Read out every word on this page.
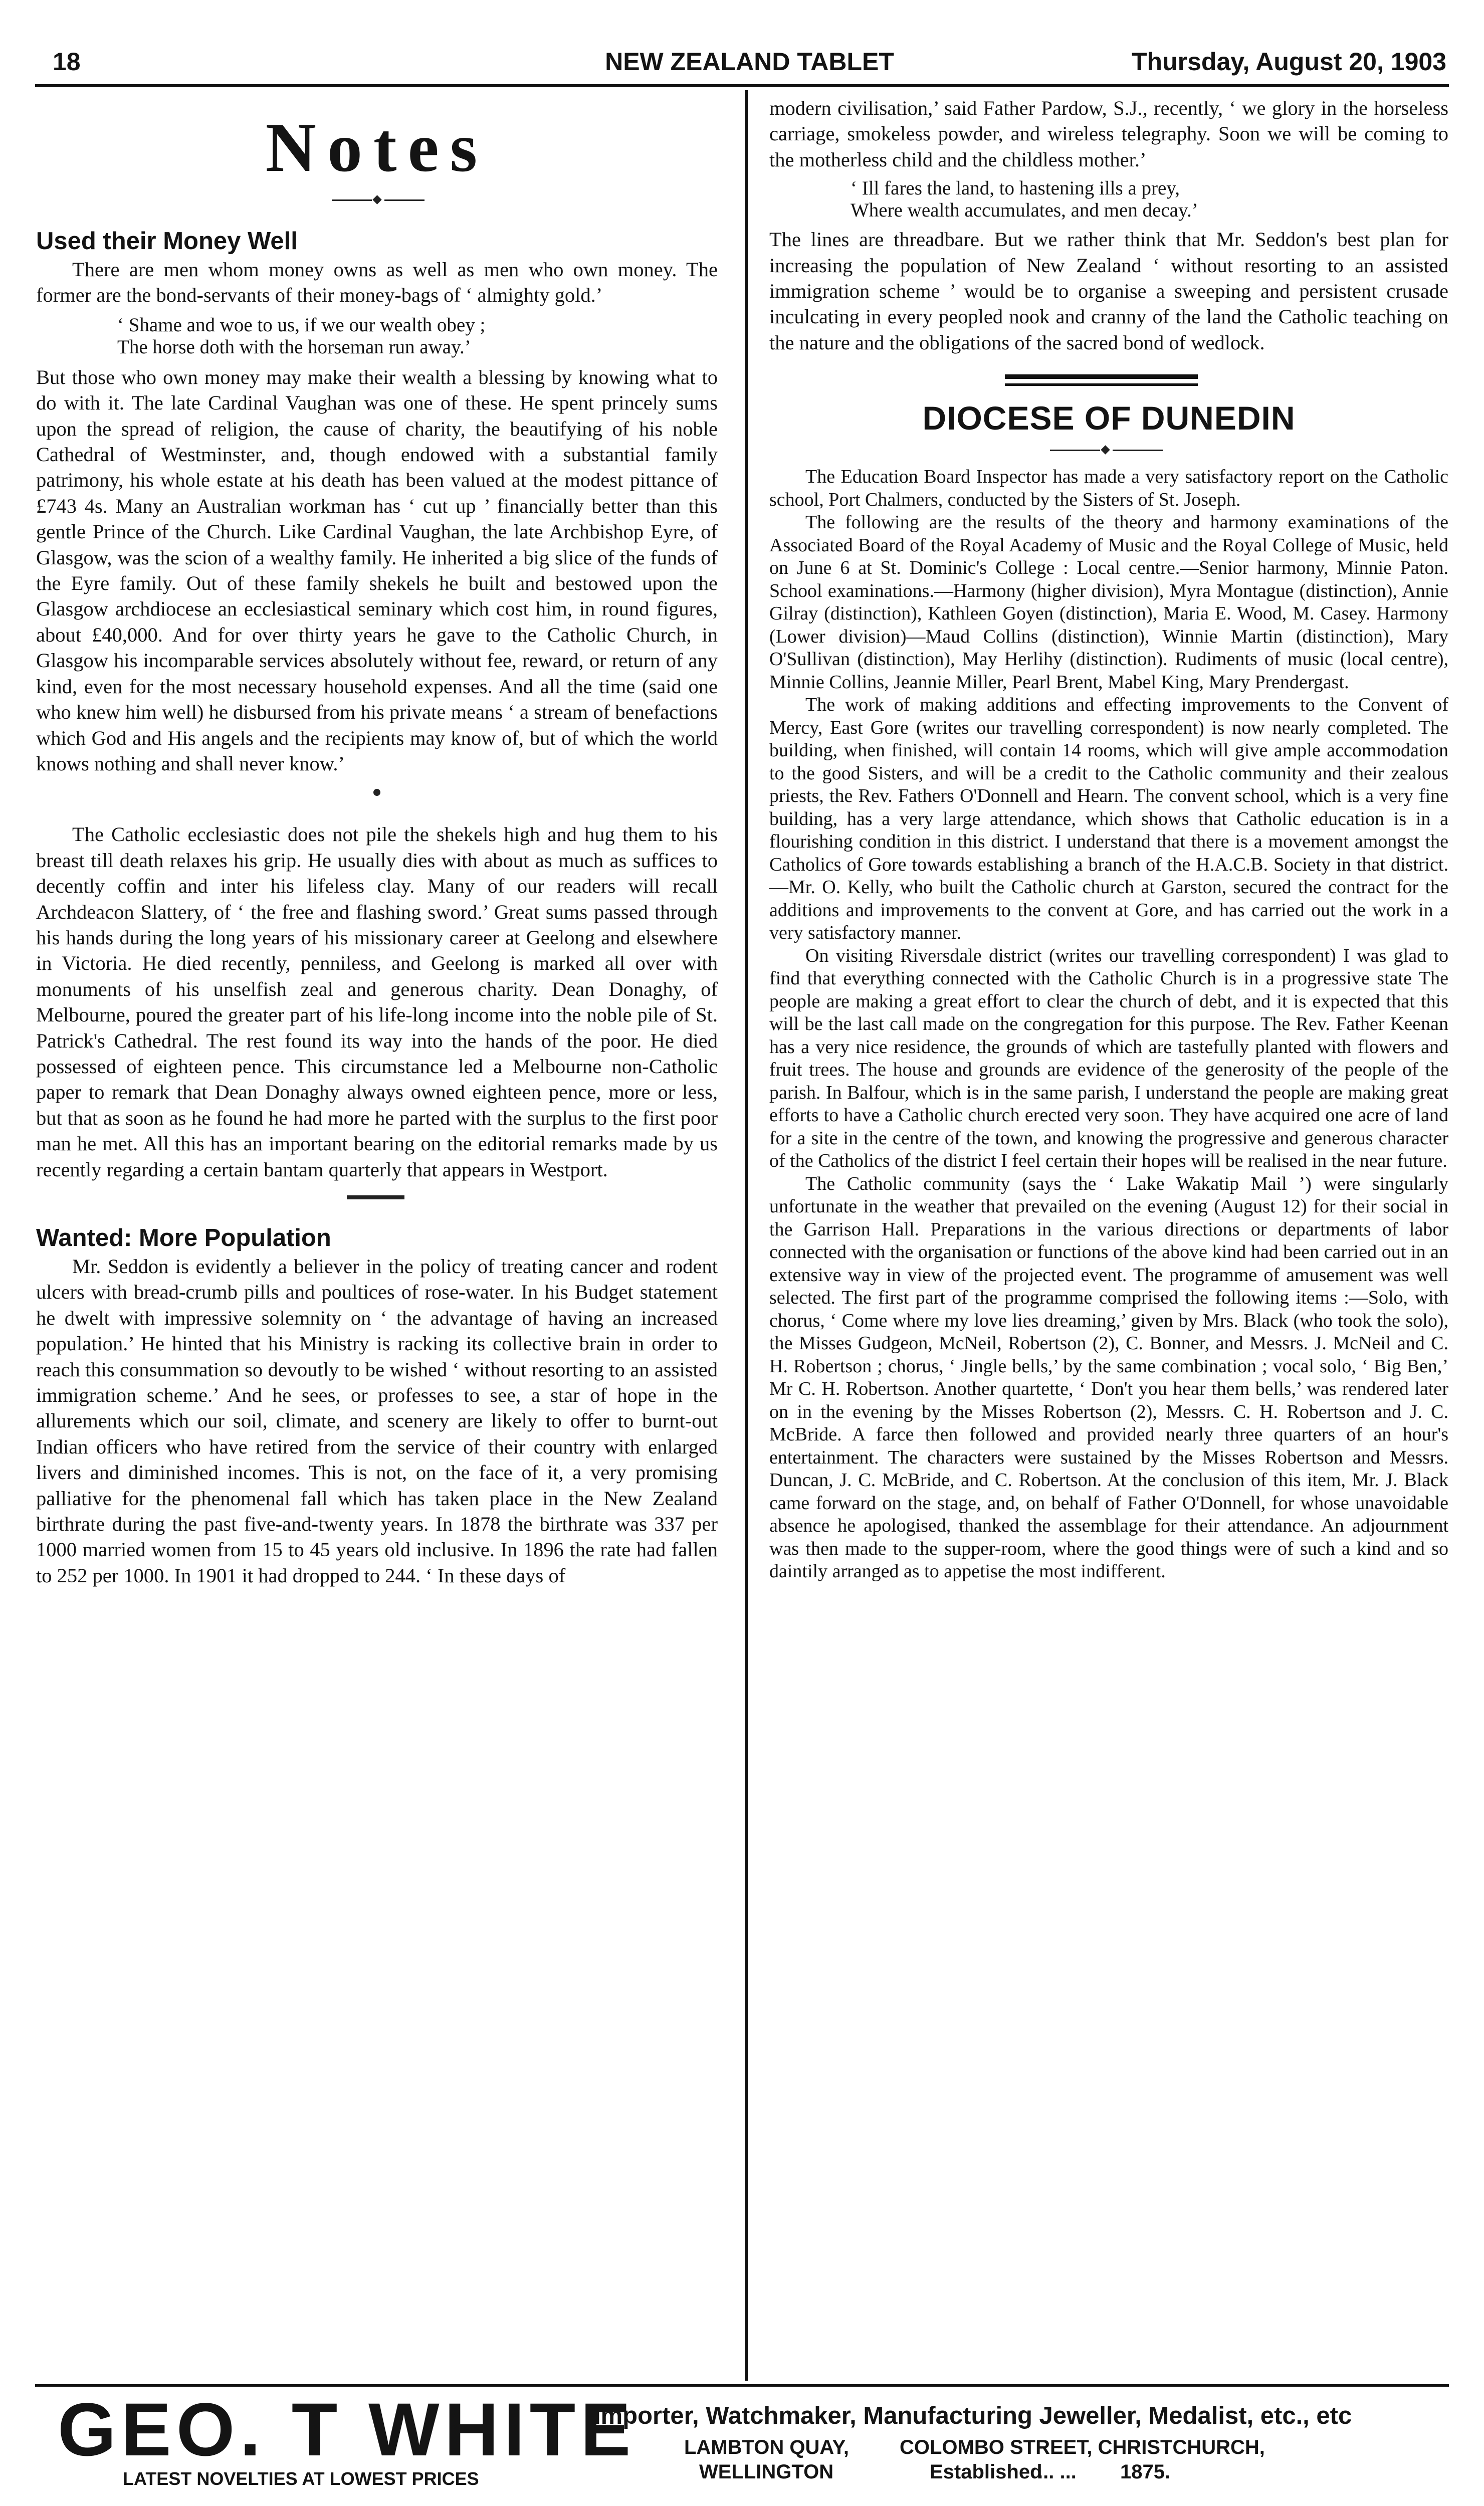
18	NEW ZEALAND TABLET	Thursday, August 20, 1903
Notes
Used their Money Well

There are men whom money owns as well as men who own money. The former are the bond-servants of their money-bags of ‘ almighty gold.’

‘ Shame and woe to us, if we our wealth obey ;

The horse doth with the horseman run away.’

But those who own money may make their wealth a blessing by knowing what to do with it. The late Cardinal Vaughan was one of these. He spent princely sums upon the spread of religion, the cause of charity, the beautifying of his noble Cathedral of Westminster, and, though endowed with a substantial family patrimony, his whole estate at his death has been valued at the modest pittance of £743 4s. Many an Australian workman has ‘ cut up ’ financially better than this gentle Prince of the Church. Like Cardinal Vaughan, the late Archbishop Eyre, of Glasgow, was the scion of a wealthy family. He inherited a big slice of the funds of the Eyre family. Out of these family shekels he built and bestowed upon the Glasgow archdiocese an ecclesiastical seminary which cost him, in round figures, about £40,000. And for over thirty years he gave to the Catholic Church, in Glasgow his incomparable services absolutely without fee, reward, or return of any kind, even for the most necessary household expenses. And all the time (said one who knew him well) he disbursed from his private means ‘ a stream of benefactions which God and His angels and the recipients may know of, but of which the world knows nothing and shall never know.’

The Catholic ecclesiastic does not pile the shekels high and hug them to his breast till death relaxes his grip. He usually dies with about as much as suffices to decently coffin and inter his lifeless clay. Many of our readers will recall Archdeacon Slattery, of ‘ the free and flashing sword.’ Great sums passed through his hands during the long years of his missionary career at Geelong and elsewhere in Victoria. He died recently, penniless, and Geelong is marked all over with monuments of his unselfish zeal and generous charity. Dean Donaghy, of Melbourne, poured the greater part of his life-long income into the noble pile of St. Patrick's Cathedral. The rest found its way into the hands of the poor. He died possessed of eighteen pence. This circumstance led a Melbourne non-Catholic paper to remark that Dean Donaghy always owned eighteen pence, more or less, but that as soon as he found he had more he parted with the surplus to the first poor man he met. All this has an important bearing on the editorial remarks made by us recently regarding a certain bantam quarterly that appears in Westport.

Wanted: More Population

Mr. Seddon is evidently a believer in the policy of treating cancer and rodent ulcers with bread-crumb pills and poultices of rose-water. In his Budget statement he dwelt with impressive solemnity on ‘ the advantage of having an increased population.’ He hinted that his Ministry is racking its collective brain in order to reach this consummation so devoutly to be wished ‘ without resorting to an assisted immigration scheme.’ And he sees, or professes to see, a star of hope in the allurements which our soil, climate, and scenery are likely to offer to burnt-out Indian officers who have retired from the service of their country with enlarged livers and diminished incomes. This is not, on the face of it, a very promising palliative for the phenomenal fall which has taken place in the New Zealand birthrate during the past five-and-twenty years. In 1878 the birthrate was 337 per 1000 married women from 15 to 45 years old inclusive. In 1896 the rate had fallen to 252 per 1000. In 1901 it had dropped to 244. ‘ In these days of

modern civilisation,’ said Father Pardow, S.J., recently, ‘ we glory in the horseless carriage, smokeless powder, and wireless telegraphy. Soon we will be coming to the motherless child and the childless mother.’

‘ Ill fares the land, to hastening ills a prey,

Where wealth accumulates, and men decay.’

The lines are threadbare. But we rather think that Mr. Seddon's best plan for increasing the population of New Zealand ‘ without resorting to an assisted immigration scheme ’ would be to organise a sweeping and persistent crusade inculcating in every peopled nook and cranny of the land the Catholic teaching on the nature and the obligations of the sacred bond of wedlock.

DIOCESE OF DUNEDIN

The Education Board Inspector has made a very satisfactory report on the Catholic school, Port Chalmers, conducted by the Sisters of St. Joseph.

The following are the results of the theory and harmony examinations of the Associated Board of the Royal Academy of Music and the Royal College of Music, held on June 6 at St. Dominic's College : Local centre.—Senior harmony, Minnie Paton. School examinations.—Harmony (higher division), Myra Montague (distinction), Annie Gilray (distinction), Kathleen Goyen (distinction), Maria E. Wood, M. Casey. Harmony (Lower division)—Maud Collins (distinction), Winnie Martin (distinction), Mary O'Sullivan (distinction), May Herlihy (distinction). Rudiments of music (local centre), Minnie Collins, Jeannie Miller, Pearl Brent, Mabel King, Mary Prendergast.

The work of making additions and effecting improvements to the Convent of Mercy, East Gore (writes our travelling correspondent) is now nearly completed. The building, when finished, will contain 14 rooms, which will give ample accommodation to the good Sisters, and will be a credit to the Catholic community and their zealous priests, the Rev. Fathers O'Donnell and Hearn. The convent school, which is a very fine building, has a very large attendance, which shows that Catholic education is in a flourishing condition in this district. I understand that there is a movement amongst the Catholics of Gore towards establishing a branch of the H.A.C.B. Society in that district.—Mr. O. Kelly, who built the Catholic church at Garston, secured the contract for the additions and improvements to the convent at Gore, and has carried out the work in a very satisfactory manner.

On visiting Riversdale district (writes our travelling correspondent) I was glad to find that everything connected with the Catholic Church is in a progressive state The people are making a great effort to clear the church of debt, and it is expected that this will be the last call made on the congregation for this purpose. The Rev. Father Keenan has a very nice residence, the grounds of which are tastefully planted with flowers and fruit trees. The house and grounds are evidence of the generosity of the people of the parish. In Balfour, which is in the same parish, I understand the people are making great efforts to have a Catholic church erected very soon. They have acquired one acre of land for a site in the centre of the town, and knowing the progressive and generous character of the Catholics of the district I feel certain their hopes will be realised in the near future.

The Catholic community (says the ‘ Lake Wakatip Mail ’) were singularly unfortunate in the weather that prevailed on the evening (August 12) for their social in the Garrison Hall. Preparations in the various directions or departments of labor connected with the organisation or functions of the above kind had been carried out in an extensive way in view of the projected event. The programme of amusement was well selected. The first part of the programme comprised the following items :—Solo, with chorus, ‘ Come where my love lies dreaming,’ given by Mrs. Black (who took the solo), the Misses Gudgeon, McNeil, Robertson (2), C. Bonner, and Messrs. J. McNeil and C. H. Robertson ; chorus, ‘ Jingle bells,’ by the same combination ; vocal solo, ‘ Big Ben,’ Mr C. H. Robertson. Another quartette, ‘ Don't you hear them bells,’ was rendered later on in the evening by the Misses Robertson (2), Messrs. C. H. Robertson and J. C. McBride. A farce then followed and provided nearly three quarters of an hour's entertainment. The characters were sustained by the Misses Robertson and Messrs. Duncan, J. C. McBride, and C. Robertson. At the conclusion of this item, Mr. J. Black came forward on the stage, and, on behalf of Father O'Donnell, for whose unavoidable absence he apologised, thanked the assemblage for their attendance. An adjournment was then made to the supper-room, where the good things were of such a kind and so daintily arranged as to appetise the most indifferent.

GEO. T WHITE
LATEST NOVELTIES AT LOWEST PRICES
Importer, Watchmaker, Manufacturing Jeweller, Medalist, etc., etc
LAMBTON QUAY,	COLOMBO STREET, CHRISTCHURCH,
WELLINGTON	Established
... ... 1875.
